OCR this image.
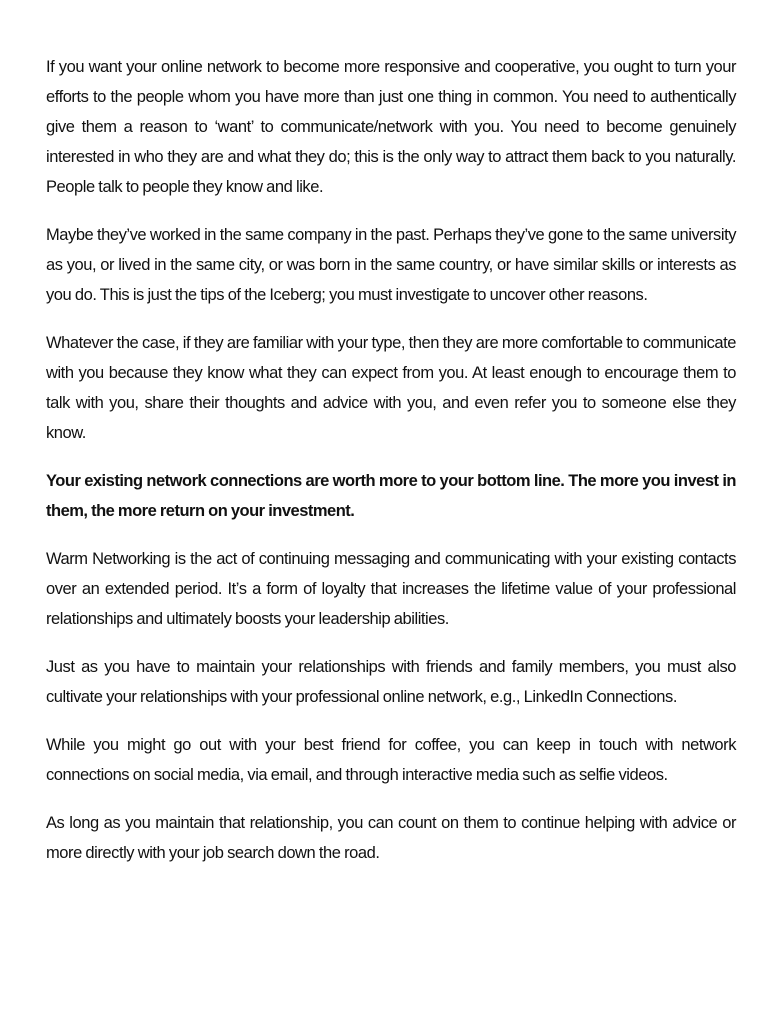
If you want your online network to become more responsive and cooperative, you ought to turn your efforts to the people whom you have more than just one thing in common. You need to authentically give them a reason to ‘want’ to communicate/network with you. You need to become genuinely interested in who they are and what they do; this is the only way to attract them back to you naturally. People talk to people they know and like.

Maybe they’ve worked in the same company in the past. Perhaps they’ve gone to the same university as you, or lived in the same city, or was born in the same country, or have similar skills or interests as you do. This is just the tips of the Iceberg; you must investigate to uncover other reasons.

Whatever the case, if they are familiar with your type, then they are more comfortable to communicate with you because they know what they can expect from you. At least enough to encourage them to talk with you, share their thoughts and advice with you, and even refer you to someone else they know.

Your existing network connections are worth more to your bottom line. The more you invest in them, the more return on your investment.

Warm Networking is the act of continuing messaging and communicating with your existing contacts over an extended period. It’s a form of loyalty that increases the lifetime value of your professional relationships and ultimately boosts your leadership abilities.

Just as you have to maintain your relationships with friends and family members, you must also cultivate your relationships with your professional online network, e.g., LinkedIn Connections.

While you might go out with your best friend for coffee, you can keep in touch with network connections on social media, via email, and through interactive media such as selfie videos.

As long as you maintain that relationship, you can count on them to continue helping with advice or more directly with your job search down the road.
